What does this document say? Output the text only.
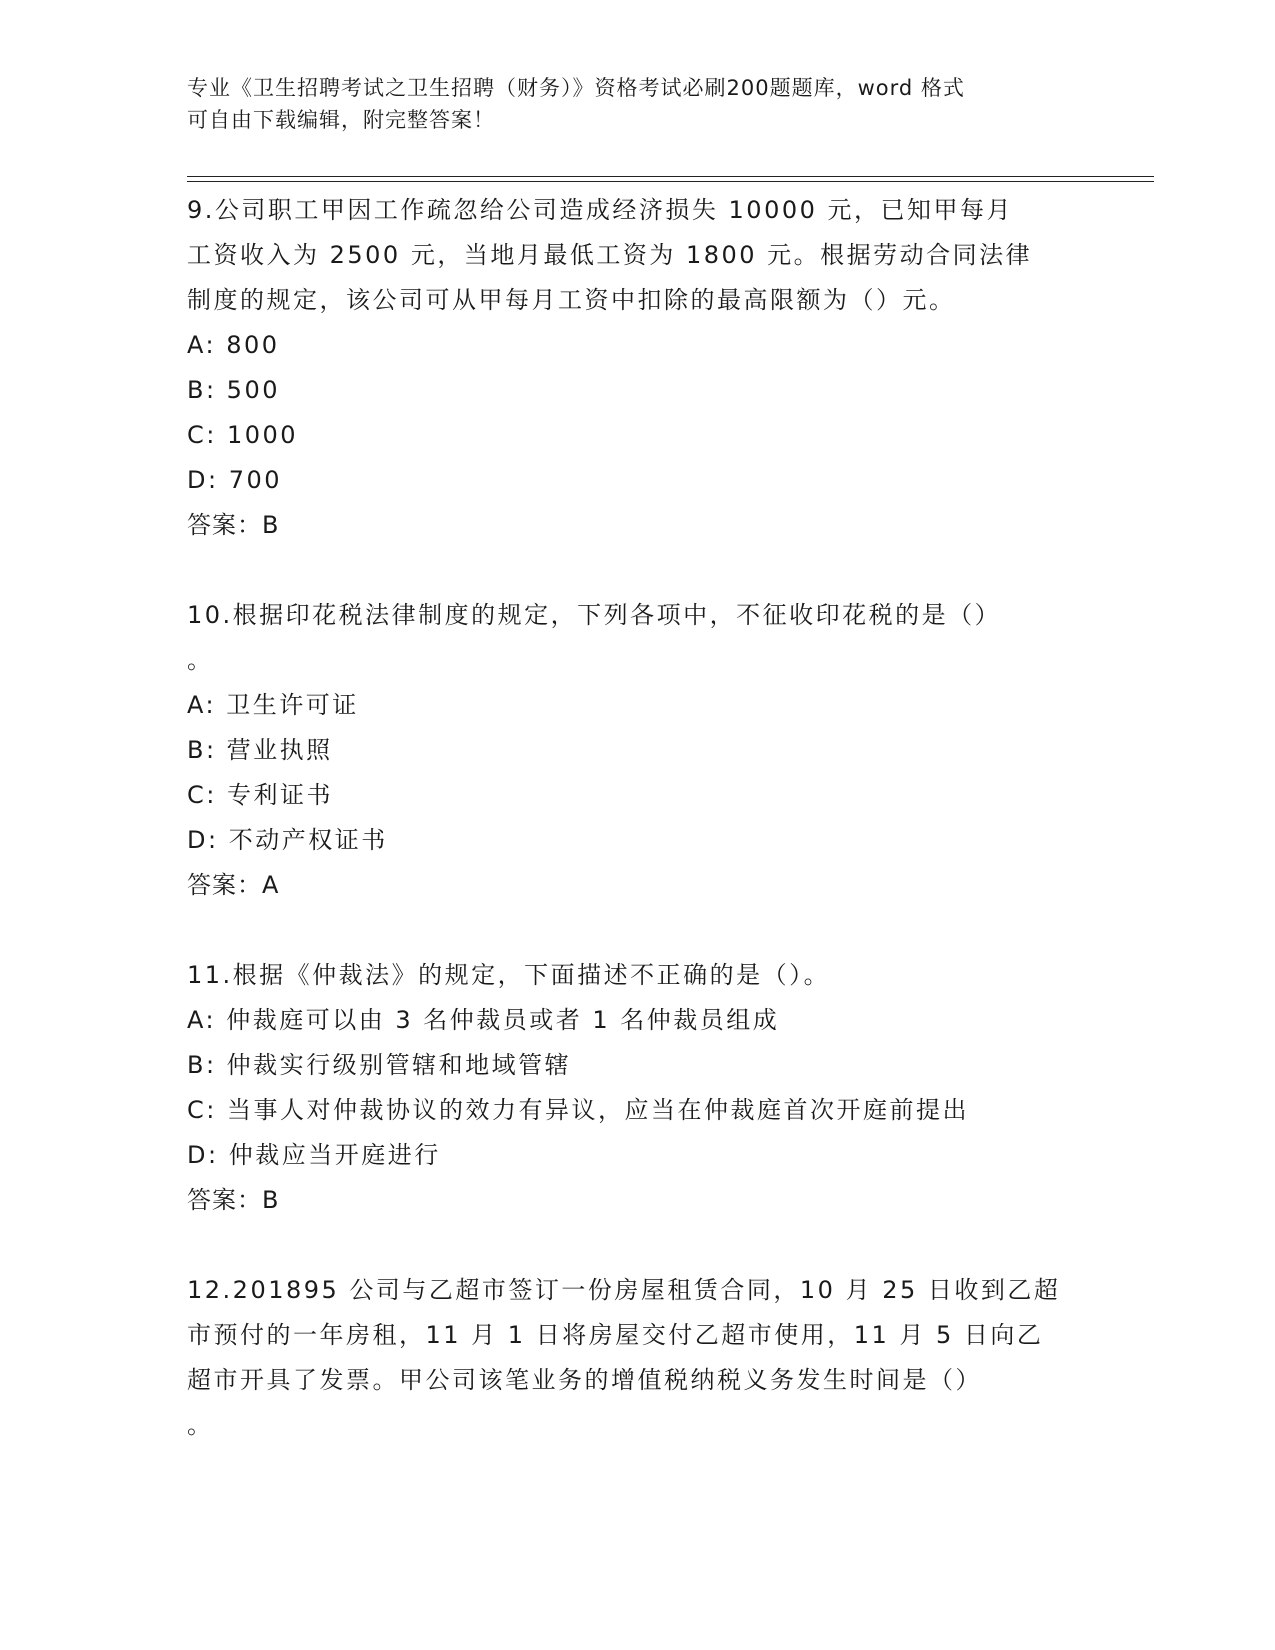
专业《卫生招聘考试之卫生招聘（财务）》资格考试必刷200题题库，word 格式
可自由下载编辑，附完整答案！

9.公司职工甲因工作疏忽给公司造成经济损失 10000 元，已知甲每月

工资收入为 2500 元，当地月最低工资为 1800 元。根据劳动合同法律

制度的规定，该公司可从甲每月工资中扣除的最高限额为（）元。

A: 800

B: 500

C: 1000

D: 700

答案：B

10.根据印花税法律制度的规定，下列各项中，不征收印花税的是（）

。

A: 卫生许可证

B: 营业执照

C: 专利证书

D: 不动产权证书

答案：A

11.根据《仲裁法》的规定，下面描述不正确的是（）。

A: 仲裁庭可以由 3 名仲裁员或者 1 名仲裁员组成

B: 仲裁实行级别管辖和地域管辖

C: 当事人对仲裁协议的效力有异议，应当在仲裁庭首次开庭前提出

D: 仲裁应当开庭进行

答案：B

12.201895 公司与乙超市签订一份房屋租赁合同，10 月 25 日收到乙超

市预付的一年房租，11 月 1 日将房屋交付乙超市使用，11 月 5 日向乙

超市开具了发票。甲公司该笔业务的增值税纳税义务发生时间是（）

。
